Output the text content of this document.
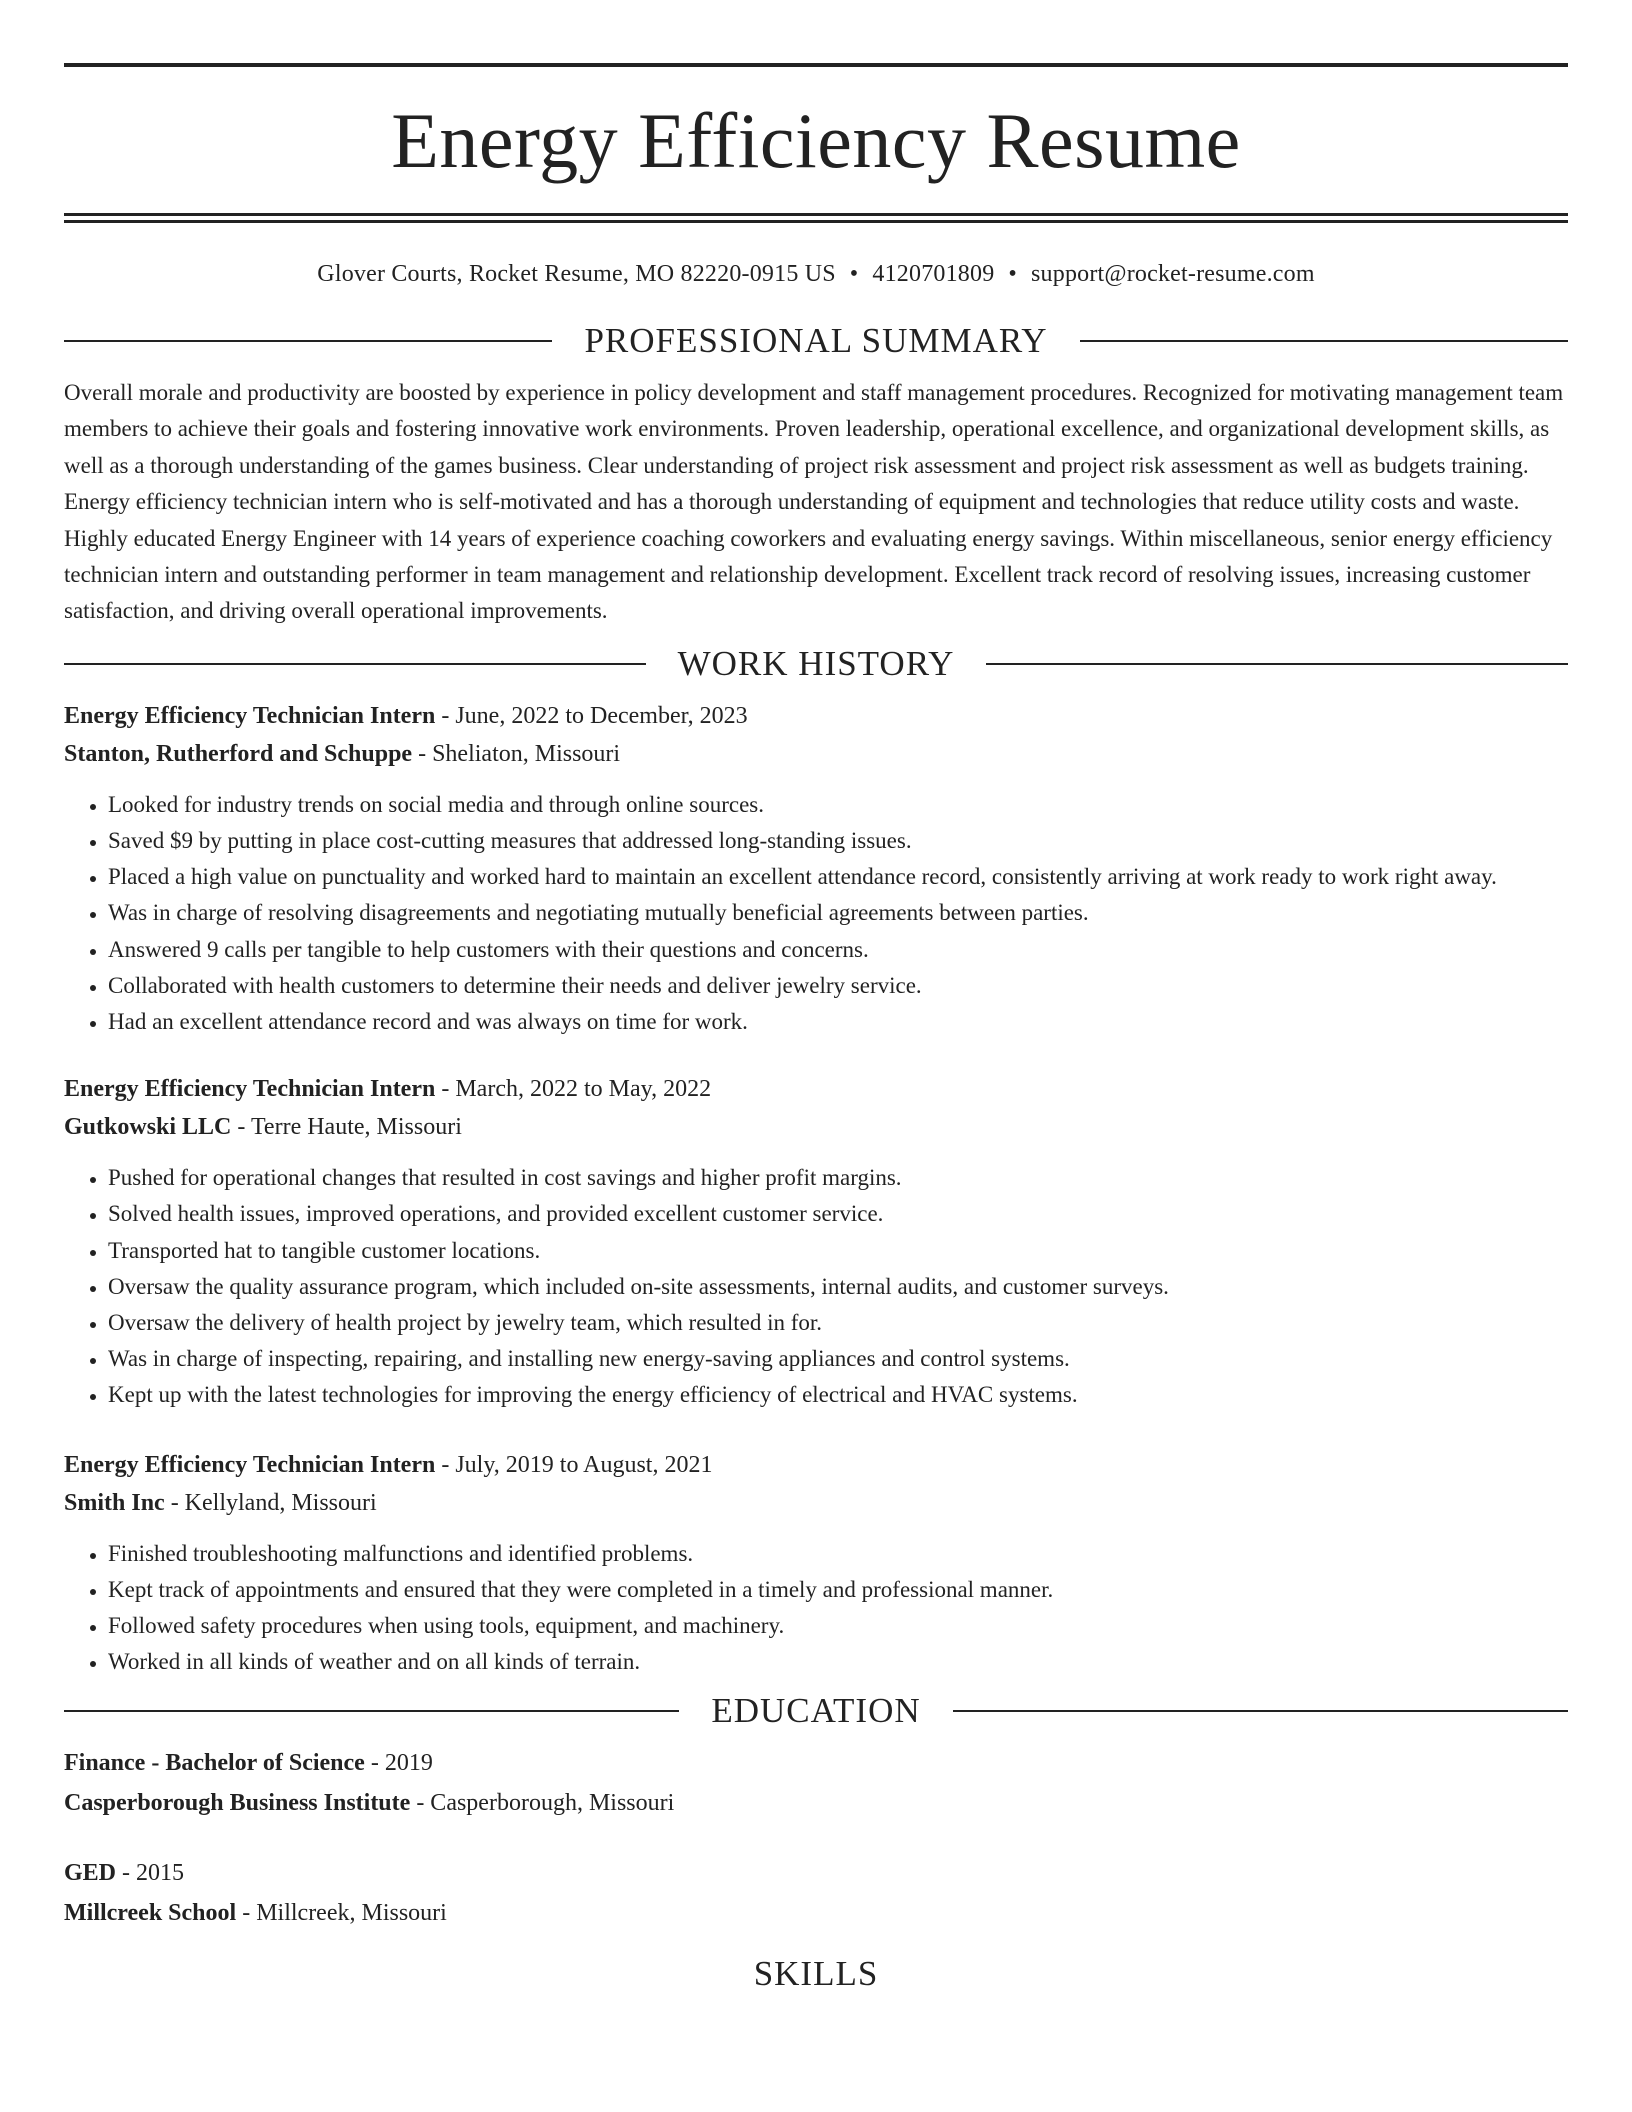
Energy Efficiency Resume
Glover Courts, Rocket Resume, MO 82220-0915 US • 4120701809 • support@rocket-resume.com
PROFESSIONAL SUMMARY
Overall morale and productivity are boosted by experience in policy development and staff management procedures. Recognized for motivating management team members to achieve their goals and fostering innovative work environments. Proven leadership, operational excellence, and organizational development skills, as well as a thorough understanding of the games business. Clear understanding of project risk assessment and project risk assessment as well as budgets training. Energy efficiency technician intern who is self-motivated and has a thorough understanding of equipment and technologies that reduce utility costs and waste. Highly educated Energy Engineer with 14 years of experience coaching coworkers and evaluating energy savings. Within miscellaneous, senior energy efficiency technician intern and outstanding performer in team management and relationship development. Excellent track record of resolving issues, increasing customer satisfaction, and driving overall operational improvements.
WORK HISTORY
Energy Efficiency Technician Intern - June, 2022 to December, 2023
Stanton, Rutherford and Schuppe - Sheliaton, Missouri
• Looked for industry trends on social media and through online sources.
• Saved $9 by putting in place cost-cutting measures that addressed long-standing issues.
• Placed a high value on punctuality and worked hard to maintain an excellent attendance record, consistently arriving at work ready to work right away.
• Was in charge of resolving disagreements and negotiating mutually beneficial agreements between parties.
• Answered 9 calls per tangible to help customers with their questions and concerns.
• Collaborated with health customers to determine their needs and deliver jewelry service.
• Had an excellent attendance record and was always on time for work.
Energy Efficiency Technician Intern - March, 2022 to May, 2022
Gutkowski LLC - Terre Haute, Missouri
• Pushed for operational changes that resulted in cost savings and higher profit margins.
• Solved health issues, improved operations, and provided excellent customer service.
• Transported hat to tangible customer locations.
• Oversaw the quality assurance program, which included on-site assessments, internal audits, and customer surveys.
• Oversaw the delivery of health project by jewelry team, which resulted in for.
• Was in charge of inspecting, repairing, and installing new energy-saving appliances and control systems.
• Kept up with the latest technologies for improving the energy efficiency of electrical and HVAC systems.
Energy Efficiency Technician Intern - July, 2019 to August, 2021
Smith Inc - Kellyland, Missouri
• Finished troubleshooting malfunctions and identified problems.
• Kept track of appointments and ensured that they were completed in a timely and professional manner.
• Followed safety procedures when using tools, equipment, and machinery.
• Worked in all kinds of weather and on all kinds of terrain.
EDUCATION
Finance - Bachelor of Science - 2019
Casperborough Business Institute - Casperborough, Missouri
GED - 2015
Millcreek School - Millcreek, Missouri
SKILLS
